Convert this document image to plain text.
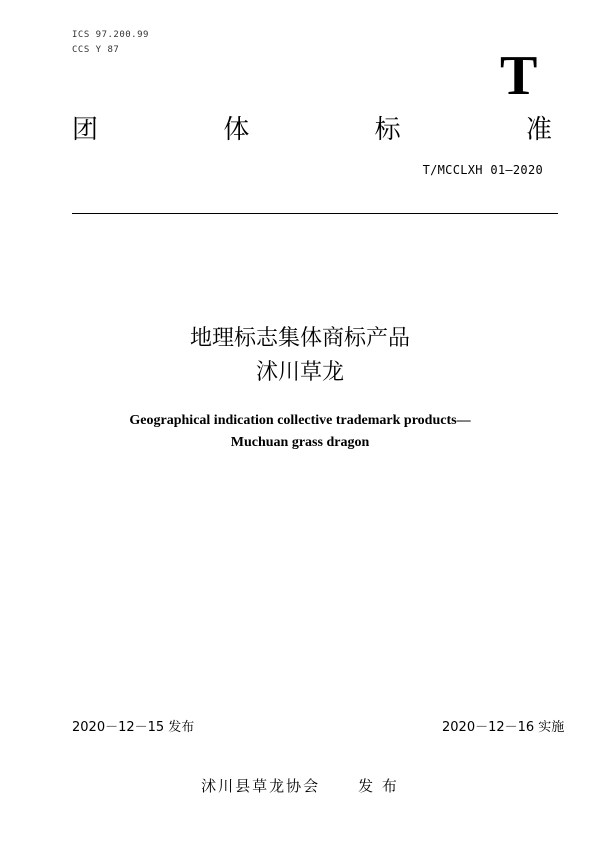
ICS 97.200.99
CCS Y 87	T
团	体	标	准
T/MCCLXH 01—2020
地理标志集体商标产品
沭川草龙
Geographical indication collective trademark products—
Muchuan grass dragon
2020－12－15 发布	2020－12－16 实施
沭川县草龙协会	发 布
